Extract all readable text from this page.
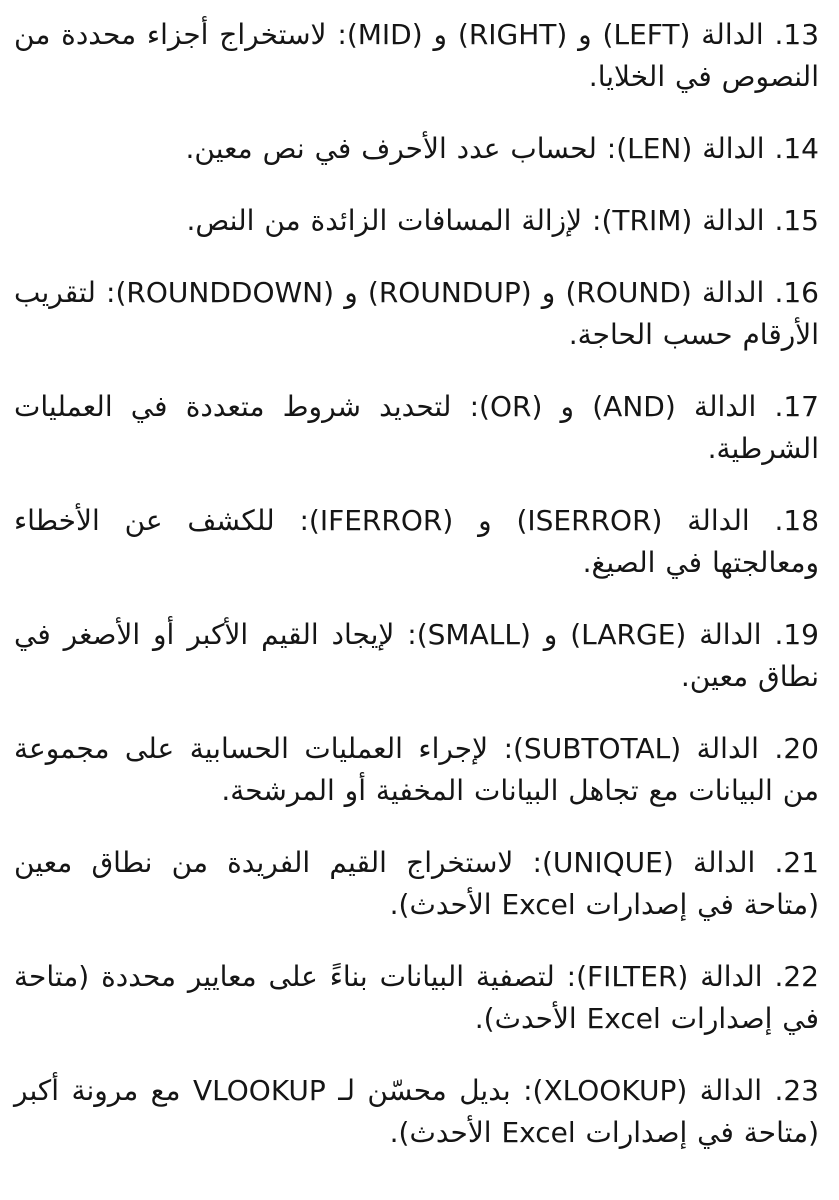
13. الدالة (LEFT) و (RIGHT) و (MID): لاستخراج أجزاء محددة من النصوص في الخلايا.

14. الدالة (LEN): لحساب عدد الأحرف في نص معين.

15. الدالة (TRIM): لإزالة المسافات الزائدة من النص.

16. الدالة (ROUND) و (ROUNDUP) و (ROUNDDOWN): لتقريب الأرقام حسب الحاجة.

17. الدالة (AND) و (OR): لتحديد شروط متعددة في العمليات الشرطية.

18. الدالة (ISERROR) و (IFERROR): للكشف عن الأخطاء ومعالجتها في الصيغ.

19. الدالة (LARGE) و (SMALL): لإيجاد القيم الأكبر أو الأصغر في نطاق معين.

20. الدالة (SUBTOTAL): لإجراء العمليات الحسابية على مجموعة من البيانات مع تجاهل البيانات المخفية أو المرشحة.

21. الدالة (UNIQUE): لاستخراج القيم الفريدة من نطاق معين (متاحة في إصدارات Excel الأحدث).

22. الدالة (FILTER): لتصفية البيانات بناءً على معايير محددة (متاحة في إصدارات Excel الأحدث).

23. الدالة (XLOOKUP): بديل محسّن لـ VLOOKUP مع مرونة أكبر (متاحة في إصدارات Excel الأحدث).
